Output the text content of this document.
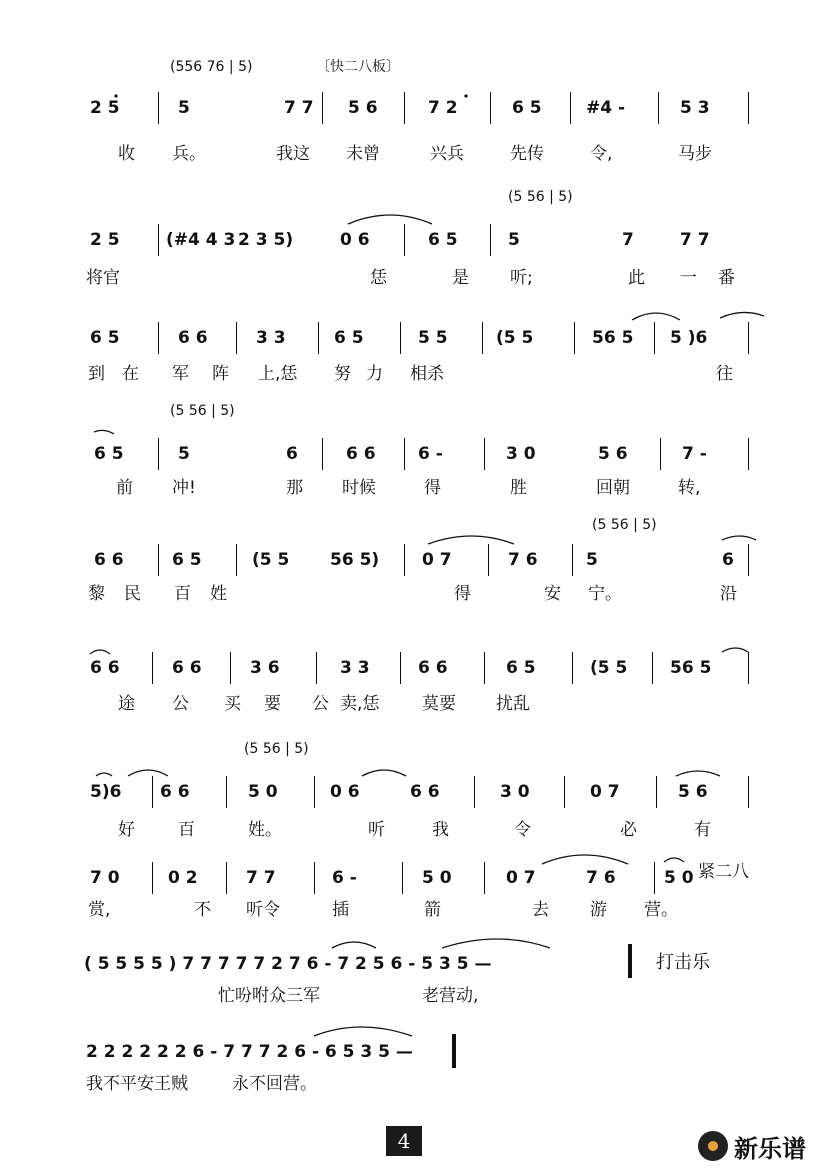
(556 76 | 5)	〔快二八板〕
2 5	5	7 7 5 6	7 2	6 5	#4 -	5 3
收 兵。	我这 未曾	兴兵	先传	令,	马步
(5 56 | 5)
2 5	(#4 4 3 2 3 5)	0 6	6 5	5	7	7 7
将官	恁	是 听;	此 一 番
6 5	6 6	3 3	6 5	5 5	(5 5	56 5 5 )6
到 在 军 阵 上,恁 努 力 相杀	往
(5 56 | 5)
6 5	5	6	6 6 6 -	3 0	5 6	7 -
前 冲!	那 时候	得	胜	回朝	转,
(5 56 | 5)
6 6	6 5	(5 5 56 5)	0 7	7 6	5	6
黎 民 百 姓	得	安 宁。	沿
6 6	6 6	3 6	3 3	6 6	6 5	(5 5	56 5
途 公 买 要 公 卖,恁	莫要 扰乱
(5 56 | 5)
5)6 6 6	5 0	0 6	6 6	3 0	0 7	5 6
好	百	姓。	听	我	令	必	有
7 0	0 2	7 7	6 -	5 0	0 7	7 6	5 0 紧二八
赏,	不 听令	插	箭	去 游 营。
( 5 5 5 5 ) 7 7 7 7 7 2 7 6 - 7 2 5 6 - 5 3 5 —	打击乐
忙吩咐众三军	老营动,
2 2 2 2 2 2 6 - 7 7 7 2 6 - 6 5 3 5 —
我不平安王贼	永不回营。
4	新乐谱
